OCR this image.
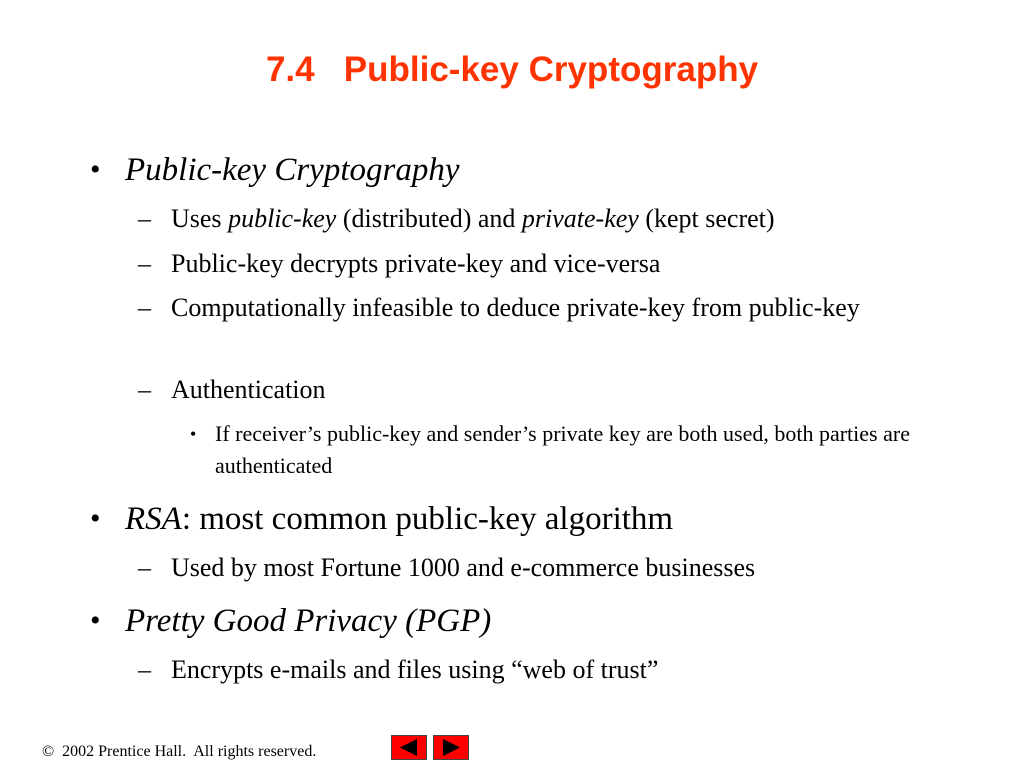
7.4   Public-key Cryptography
• Public-key Cryptography
– Uses public-key (distributed) and private-key (kept secret)
– Public-key decrypts private-key and vice-versa
– Computationally infeasible to deduce private-key from public-key
– Authentication
• If receiver’s public-key and sender’s private key are both used, both parties are authenticated
• RSA: most common public-key algorithm
– Used by most Fortune 1000 and e-commerce businesses
• Pretty Good Privacy (PGP)
– Encrypts e-mails and files using “web of trust”
©  2002 Prentice Hall.  All rights reserved.
